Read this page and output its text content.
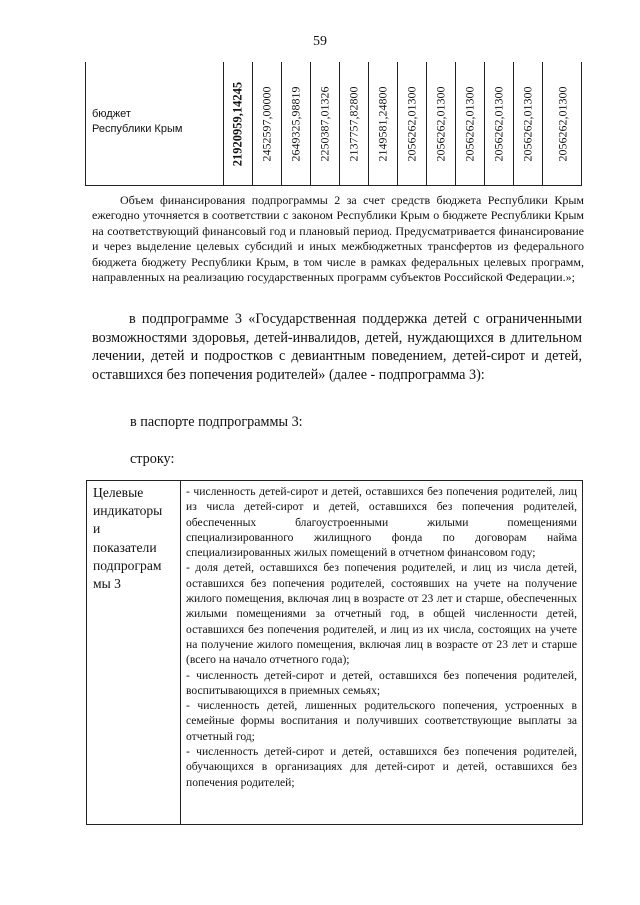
59
бюджет
Республики Крым	21920959,14245 2452597,00000 2649325,98819 2250387,01326 2137757,82800 2149581,24800 2056262,01300 2056262,01300 2056262,01300 2056262,01300 2056262,01300 2056262,01300
Объем финансирования подпрограммы 2 за счет средств бюджета Республики Крым ежегодно уточняется в соответствии с законом Республики Крым о бюджете Республики Крым на соответствующий финансовый год и плановый период. Предусматривается финансирование и через выделение целевых субсидий и иных межбюджетных трансфертов из федерального бюджета бюджету Республики Крым, в том числе в рамках федеральных целевых программ, направленных на реализацию государственных программ субъектов Российской Федерации.»;
в подпрограмме 3 «Государственная поддержка детей с ограниченными возможностями здоровья, детей-инвалидов, детей, нуждающихся в длительном лечении, детей и подростков с девиантным поведением, детей-сирот и детей, оставшихся без попечения родителей» (далее - подпрограмма 3):
в паспорте подпрограммы 3:
строку:
Целевые
индикаторы
и
показатели
подпрограм
мы 3

- численность детей-сирот и детей, оставшихся без попечения родителей, лиц из числа детей-сирот и детей, оставшихся без попечения родителей, обеспеченных благоустроенными жилыми помещениями специализированного жилищного фонда по договорам найма специализированных жилых помещений в отчетном финансовом году;

- доля детей, оставшихся без попечения родителей, и лиц из числа детей, оставшихся без попечения родителей, состоявших на учете на получение жилого помещения, включая лиц в возрасте от 23 лет и старше, обеспеченных жилыми помещениями за отчетный год, в общей численности детей, оставшихся без попечения родителей, и лиц из их числа, состоящих на учете на получение жилого помещения, включая лиц в возрасте от 23 лет и старше (всего на начало отчетного года);

- численность детей-сирот и детей, оставшихся без попечения родителей, воспитывающихся в приемных семьях;

- численность детей, лишенных родительского попечения, устроенных в семейные формы воспитания и получивших соответствующие выплаты за отчетный год;

- численность детей-сирот и детей, оставшихся без попечения родителей, обучающихся в организациях для детей-сирот и детей, оставшихся без попечения родителей;
